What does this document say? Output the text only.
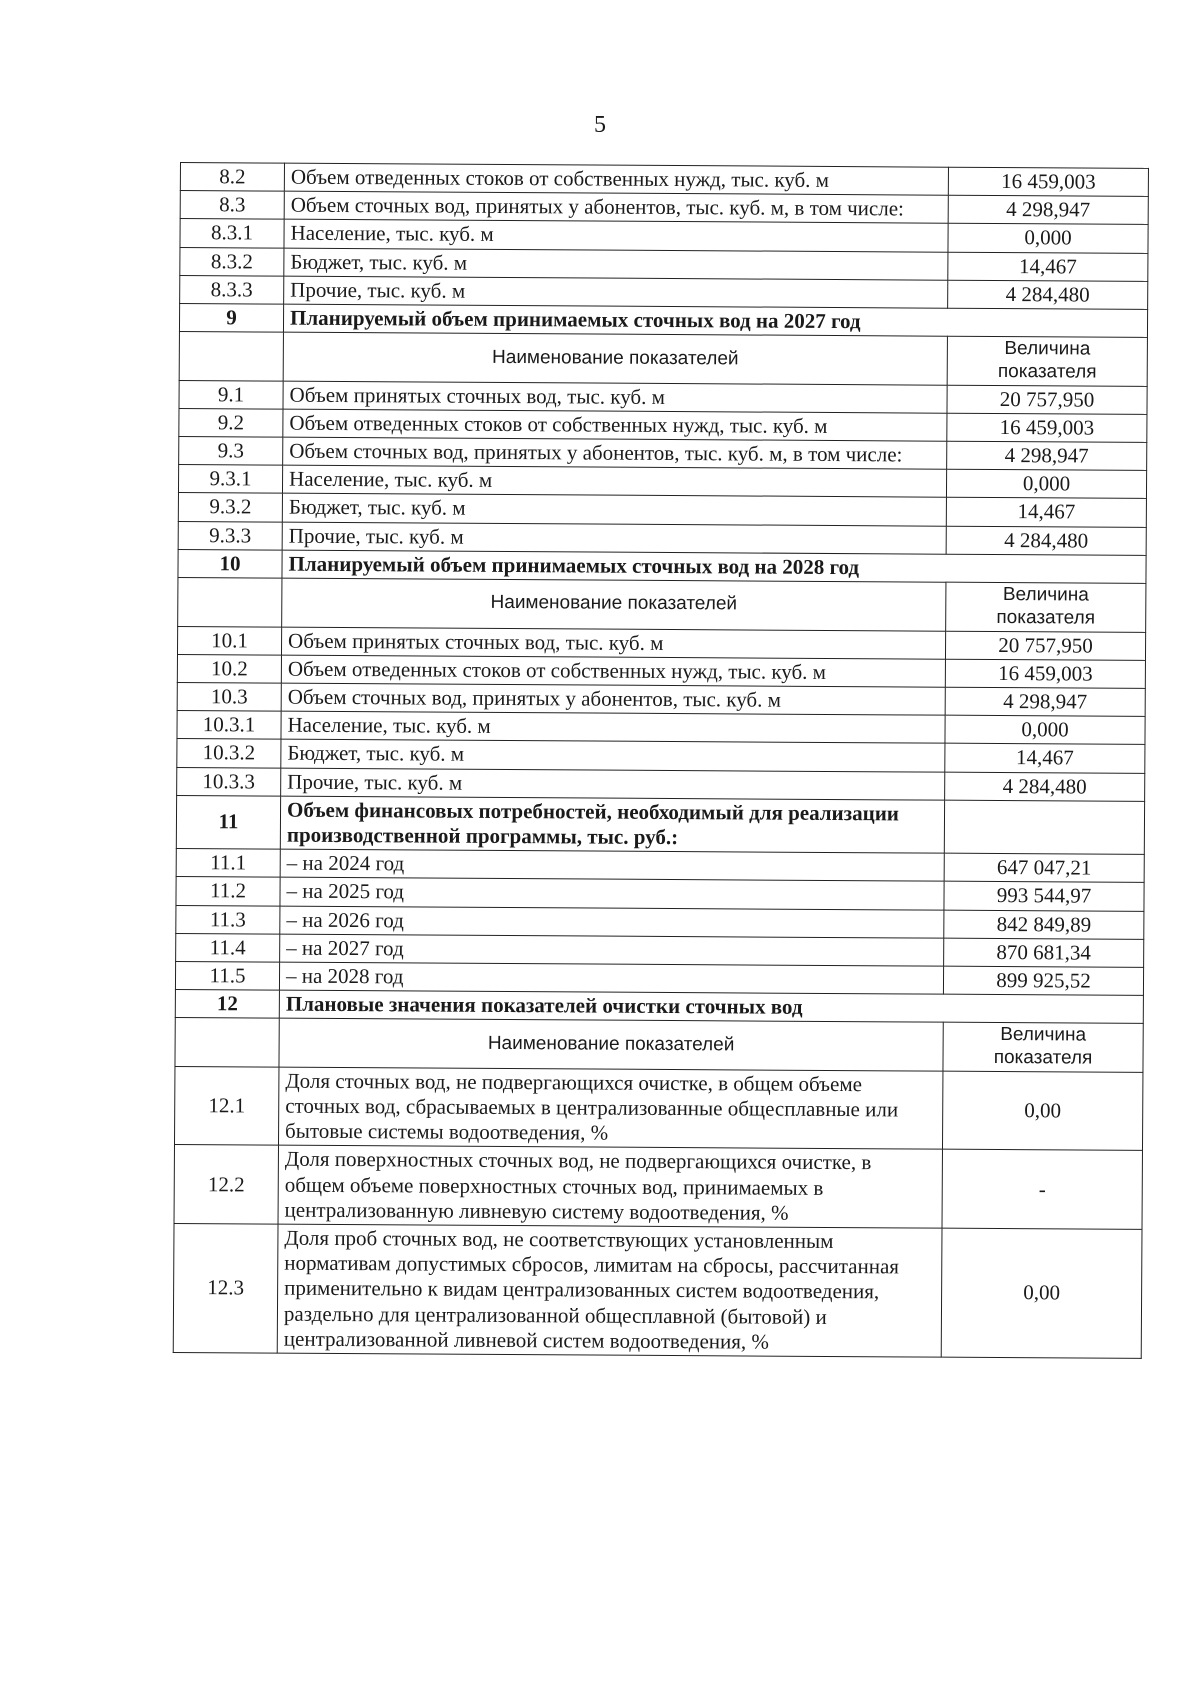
5
8.2	Объем отведенных стоков от собственных нужд, тыс. куб. м	16 459,003
8.3	Объем сточных вод, принятых у абонентов, тыс. куб. м, в том числе:	4 298,947
8.3.1	Население, тыс. куб. м	0,000
8.3.2	Бюджет, тыс. куб. м	14,467
8.3.3	Прочие, тыс. куб. м	4 284,480
9	Планируемый объем принимаемых сточных вод на 2027 год	
	Наименование показателей	Величина показателя
9.1	Объем принятых сточных вод, тыс. куб. м	20 757,950
9.2	Объем отведенных стоков от собственных нужд, тыс. куб. м	16 459,003
9.3	Объем сточных вод, принятых у абонентов, тыс. куб. м, в том числе:	4 298,947
9.3.1	Население, тыс. куб. м	0,000
9.3.2	Бюджет, тыс. куб. м	14,467
9.3.3	Прочие, тыс. куб. м	4 284,480
10	Планируемый объем принимаемых сточных вод на 2028 год	
	Наименование показателей	Величина показателя
10.1	Объем принятых сточных вод, тыс. куб. м	20 757,950
10.2	Объем отведенных стоков от собственных нужд, тыс. куб. м	16 459,003
10.3	Объем сточных вод, принятых у абонентов, тыс. куб. м	4 298,947
10.3.1	Население, тыс. куб. м	0,000
10.3.2	Бюджет, тыс. куб. м	14,467
10.3.3	Прочие, тыс. куб. м	4 284,480
11	Объем финансовых потребностей, необходимый для реализации производственной программы, тыс. руб.:	
11.1	– на 2024 год	647 047,21
11.2	– на 2025 год	993 544,97
11.3	– на 2026 год	842 849,89
11.4	– на 2027 год	870 681,34
11.5	– на 2028 год	899 925,52
12	Плановые значения показателей очистки сточных вод	
	Наименование показателей	Величина показателя
12.1	Доля сточных вод, не подвергающихся очистке, в общем объеме сточных вод, сбрасываемых в централизованные общесплавные или бытовые системы водоотведения, %	0,00
12.2	Доля поверхностных сточных вод, не подвергающихся очистке, в общем объеме поверхностных сточных вод, принимаемых в централизованную ливневую систему водоотведения, %	-
12.3	Доля проб сточных вод, не соответствующих установленным нормативам допустимых сбросов, лимитам на сбросы, рассчитанная применительно к видам централизованных систем водоотведения, раздельно для централизованной общесплавной (бытовой) и централизованной ливневой систем водоотведения, %	0,00
